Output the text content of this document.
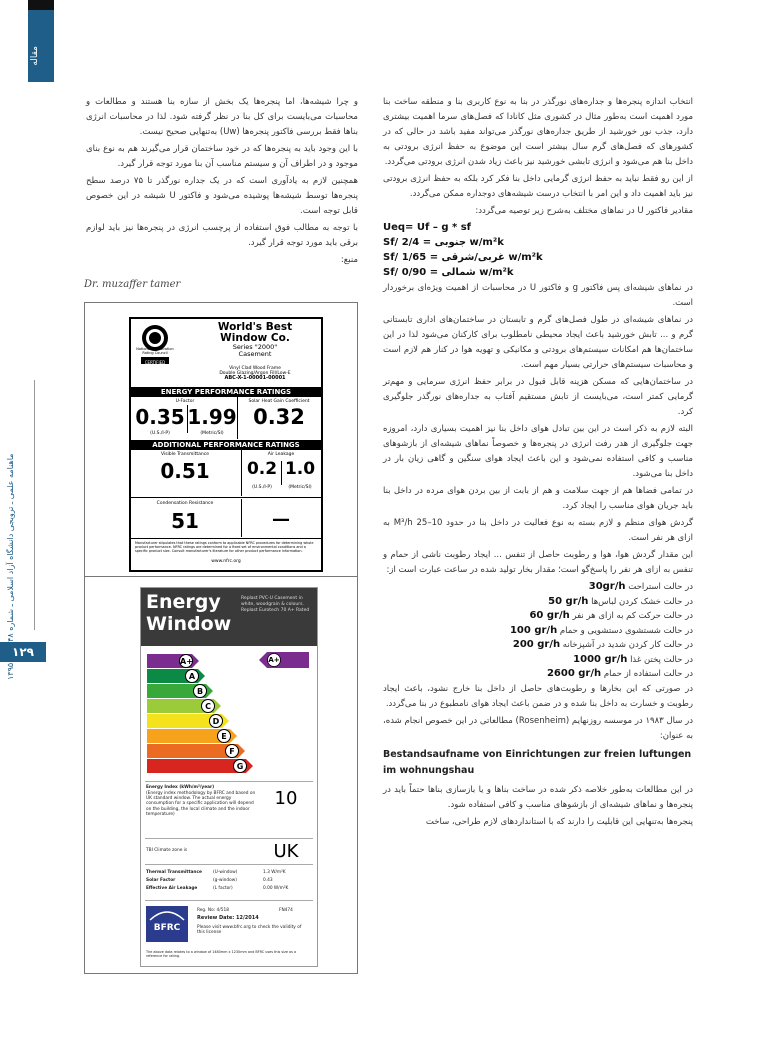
مقاله
ماهنامه علمی ـ ترویجی دانشگاه آزاد اسلامی ـ شماره ۴۸ ۱۳۹۵
۱۲۹

و چرا شیشه‌ها، اما پنجره‌ها یک بخش از سازه بنا هستند و مطالعات و محاسبات می‌بایست برای کل بنا در نظر گرفته شود. لذا در محاسبات انرژی بنا‌ها فقط بررسی فاکتور پنجره‌ها (Uw) به‌تنهایی صحیح نیست.

با این وجود باید به پنجره‌ها که در خود ساختمان قرار می‌گیرند هم به نوع بنای موجود و در اطراف آن و سیستم مناسب آن بنا مورد توجه قرار گیرد.

همچنین لازم به یادآوری است که در یک جداره نورگذر تا ۷۵ درصد سطح پنجره‌ها توسط شیشه‌ها پوشیده می‌شود و فاکتور U شیشه در این خصوص قابل توجه است.

با توجه به مطالب فوق استفاده از پرچسب انرژی در پنجره‌ها نیز باید لوازم برقی باید مورد توجه قرار گیرد.

منبع:

Dr. muzaffer tamer
National Fenestration Rating Council
CERTIFIED
World's Best Window Co.
Series "2000"
Casement
Vinyl Clad Wood Frame
Double Glazing/Argon Fill/Low-E
ABC-X-1-00001-00001
ENERGY PERFORMANCE RATINGS
U-Factor
0.35 1.99
(U.S./I-P)	(Metric/SI)
Solar Heat Gain Coefficient
0.32
ADDITIONAL PERFORMANCE RATINGS
Visible Transmittance
0.51
Air Leakage
0.2 1.0
(U.S./I-P)	(Metric/SI)
Condensation Resistance
51	—
Manufacturer stipulates that these ratings conform to applicable NFRC procedures for determining whole product performance. NFRC ratings are determined for a fixed set of environmental conditions and a specific product size. Consult manufacturer's literature for other product performance information.
www.nfrc.org
Energy
Window
Replast PVC-U Casement in white, woodgrain & colours. Replast Eurotech 70 A+ Rated
A+
A
B
C
D
E
F
G
A+
Energy Index (kWh/m²/year)
(Energy index methodology by BFRC and based on UK standard window. The actual energy consumption for a specific application will depend on the building, the local climate and the indoor temperature)
10
TBI Climate zone is	UK
Thermal Transmittance	(U-window)	1.3 W/m²K
Solar Factor	(g-window)	0.43
Effective Air Leakage	(L factor)	0.00 W/m²K
BFRC
Reg. No: 4/518	FN474
Review Date: 12/2014
Please visit www.bfrc.org to check the validity of this license
The above data relates to a window of 1480mm x 1230mm and BFRC uses this size as a reference for rating.

انتخاب اندازه پنجره‌ها و جداره‌های نورگذر در بنا به نوع کاربری بنا و منطقه ساخت بنا مورد اهمیت است به‌طور مثال در کشوری مثل کانادا که فصل‌های سرما اهمیت بیشتری دارد، جذب نور خورشید از طریق جداره‌های نورگذر می‌تواند مفید باشد در حالی که در کشورهای که فصل‌های گرم سال بیشتر است این موضوع به حفظ انرژی برودتی به داخل بنا هم می‌شود و انرژی تابشی خورشید نیز باعث زیاد شدن انرژی برودتی می‌گردد.

از این رو فقط نباید به حفظ انرژی گرمایی داخل بنا فکر کرد بلکه به حفظ انرژی برودتی نیز باید اهمیت داد و این امر با انتخاب درست شیشه‌های دوجداره ممکن می‌گردد.

مقادیر فاکتور U در نماهای مختلف به‌شرح زیر توصیه می‌گردد:

Ueq= Uf – g * sf
Sf/ جنوبی = 2/4 w/m²k
Sf/ غربی/شرقی = 1/65 w/m²k
Sf/ شمالی = 0/90 w/m²k

در نماهای شیشه‌ای پس فاکتور g و فاکتور U در محاسبات از اهمیت ویژه‌ای برخوردار است.

در نماهای شیشه‌ای در طول فصل‌های گرم و تابستان در ساختمان‌های اداری تابستانی گرم و ... تابش خورشید باعث ایجاد محیطی نامطلوب برای کارکنان می‌شود لذا در این ساختمان‌ها هم امکانات سیستم‌های برودتی و مکانیکی و تهویه هوا در کنار هم لازم است و محاسبات سیستم‌های حرارتی بسیار مهم است.

در ساختمان‌هایی که مسکن هزینه قابل قبول در برابر حفظ انرژی سرمایی و مهم‌تر گرمایی کمتر است، می‌بایست از تابش مستقیم آفتاب به جداره‌های نورگذر جلوگیری کرد.

البته لازم به ذکر است در این بین تبادل هوای داخل بنا نیز اهمیت بسیاری دارد، امروزه جهت جلوگیری از هدر رفت انرژی در پنجره‌ها و خصوصاً نماهای شیشه‌ای از بازشوهای مناسب و کافی استفاده نمی‌شود و این باعث ایجاد هوای سنگین و گاهی زیان بار در داخل بنا می‌شود.

در تمامی فضاها هم از جهت سلامت و هم از بابت از بین بردن هوای مرده در داخل بنا باید جریان هوای مناسب را ایجاد کرد.

گردش هوای منظم و لازم بسته به نوع فعالیت در داخل بنا در حدود 10–25 M³/h به ازای هر نفر است.

این مقدار گردش هوا، هوا و رطوبت حاصل از تنفس ... ایجاد رطوبت ناشی از حمام و تنفس به ازای هر نفر را پاسخ‌گو است؛ مقدار بخار تولید شده در ساعت عبارت است از:

در حالت استراحت 30gr/h
در حالت خشک کردن لباس‌ها 50 gr/h
در حالت حرکت کم به ازای هر نفر 60 gr/h
در حالت شستشوی دستشویی و حمام 100 gr/h
در حالت کار کردن شدید در آشپزخانه 200 gr/h
در حالت پختن غذا 1000 gr/h
در حالت استفاده از حمام 2600 gr/h

در صورتی که این بخارها و رطوبت‌های حاصل از داخل بنا خارج نشود، باعث ایجاد رطوبت و خسارت به داخل بنا شده و در ضمن باعث ایجاد هوای نامطبوع در بنا می‌گردد.

در سال ۱۹۸۳ در موسسه روزنهایم (Rosenheim) مطالعاتی در این خصوص انجام شده، به عنوان:

Bestandsaufname von Einrichtungen zur freien luftungen im wohnungshau

در این مطالعات به‌طور خلاصه ذکر شده در ساخت بناها و یا بازسازی بناها حتماً باید در پنجره‌ها و نماهای شیشه‌ای از بازشوهای مناسب و کافی استفاده شود.

پنجره‌ها به‌تنهایی این قابلیت را دارند که با استانداردهای لازم طراحی، ساخت
